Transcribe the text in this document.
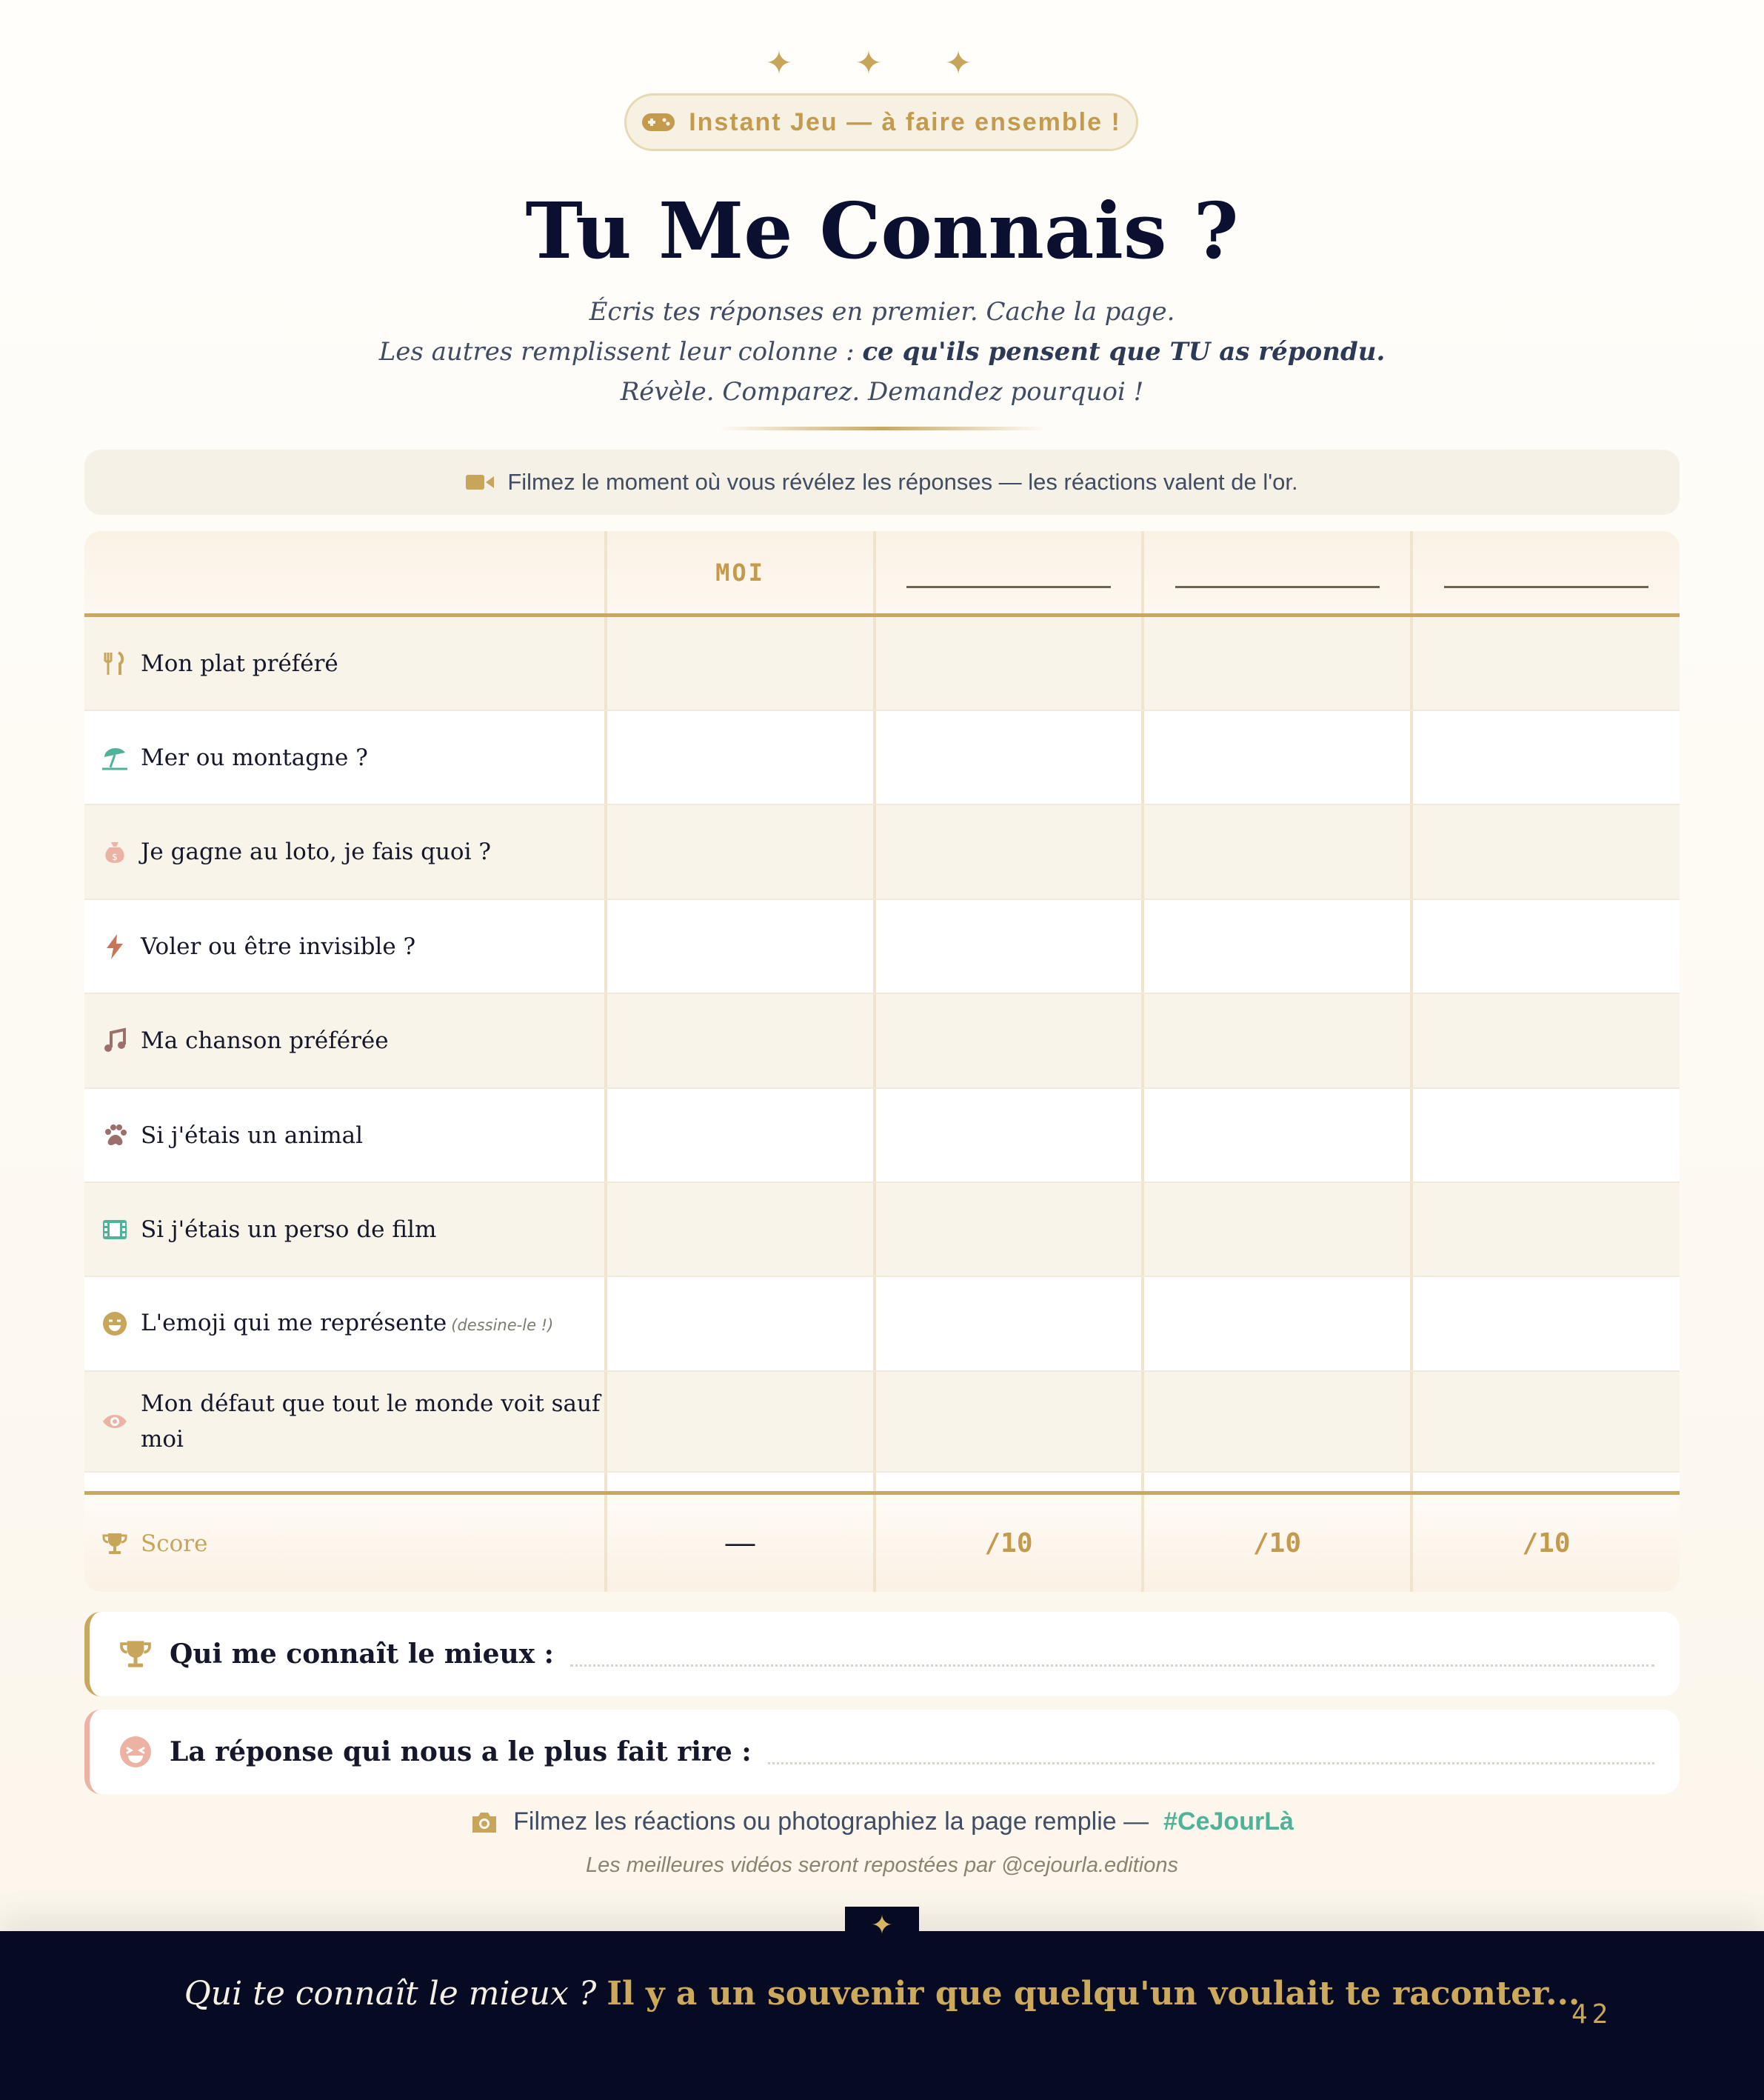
✦ ✦ ✦
Instant Jeu — à faire ensemble !
Tu Me Connais ?
Écris tes réponses en premier. Cache la page.
Les autres remplissent leur colonne : ce qu'ils pensent que TU as répondu.
Révèle. Comparez. Demandez pourquoi !
Filmez le moment où vous révélez les réponses — les réactions valent de l'or.
MOI
Mon plat préféré
Mer ou montagne ?
$ Je gagne au loto, je fais quoi ?
Voler ou être invisible ?
Ma chanson préférée
Si j'étais un animal
Si j'étais un perso de film
L'emoji qui me représente (dessine-le !)
Mon défaut que tout le monde voit sauf moi
Score	—	/10	/10	/10
Qui me connaît le mieux :
La réponse qui nous a le plus fait rire :
Filmez les réactions ou photographiez la page remplie — #CeJourLà
Les meilleures vidéos seront repostées par @cejourla.editions
✦
Qui te connaît le mieux ? Il y a un souvenir que quelqu'un voulait te raconter...
42
